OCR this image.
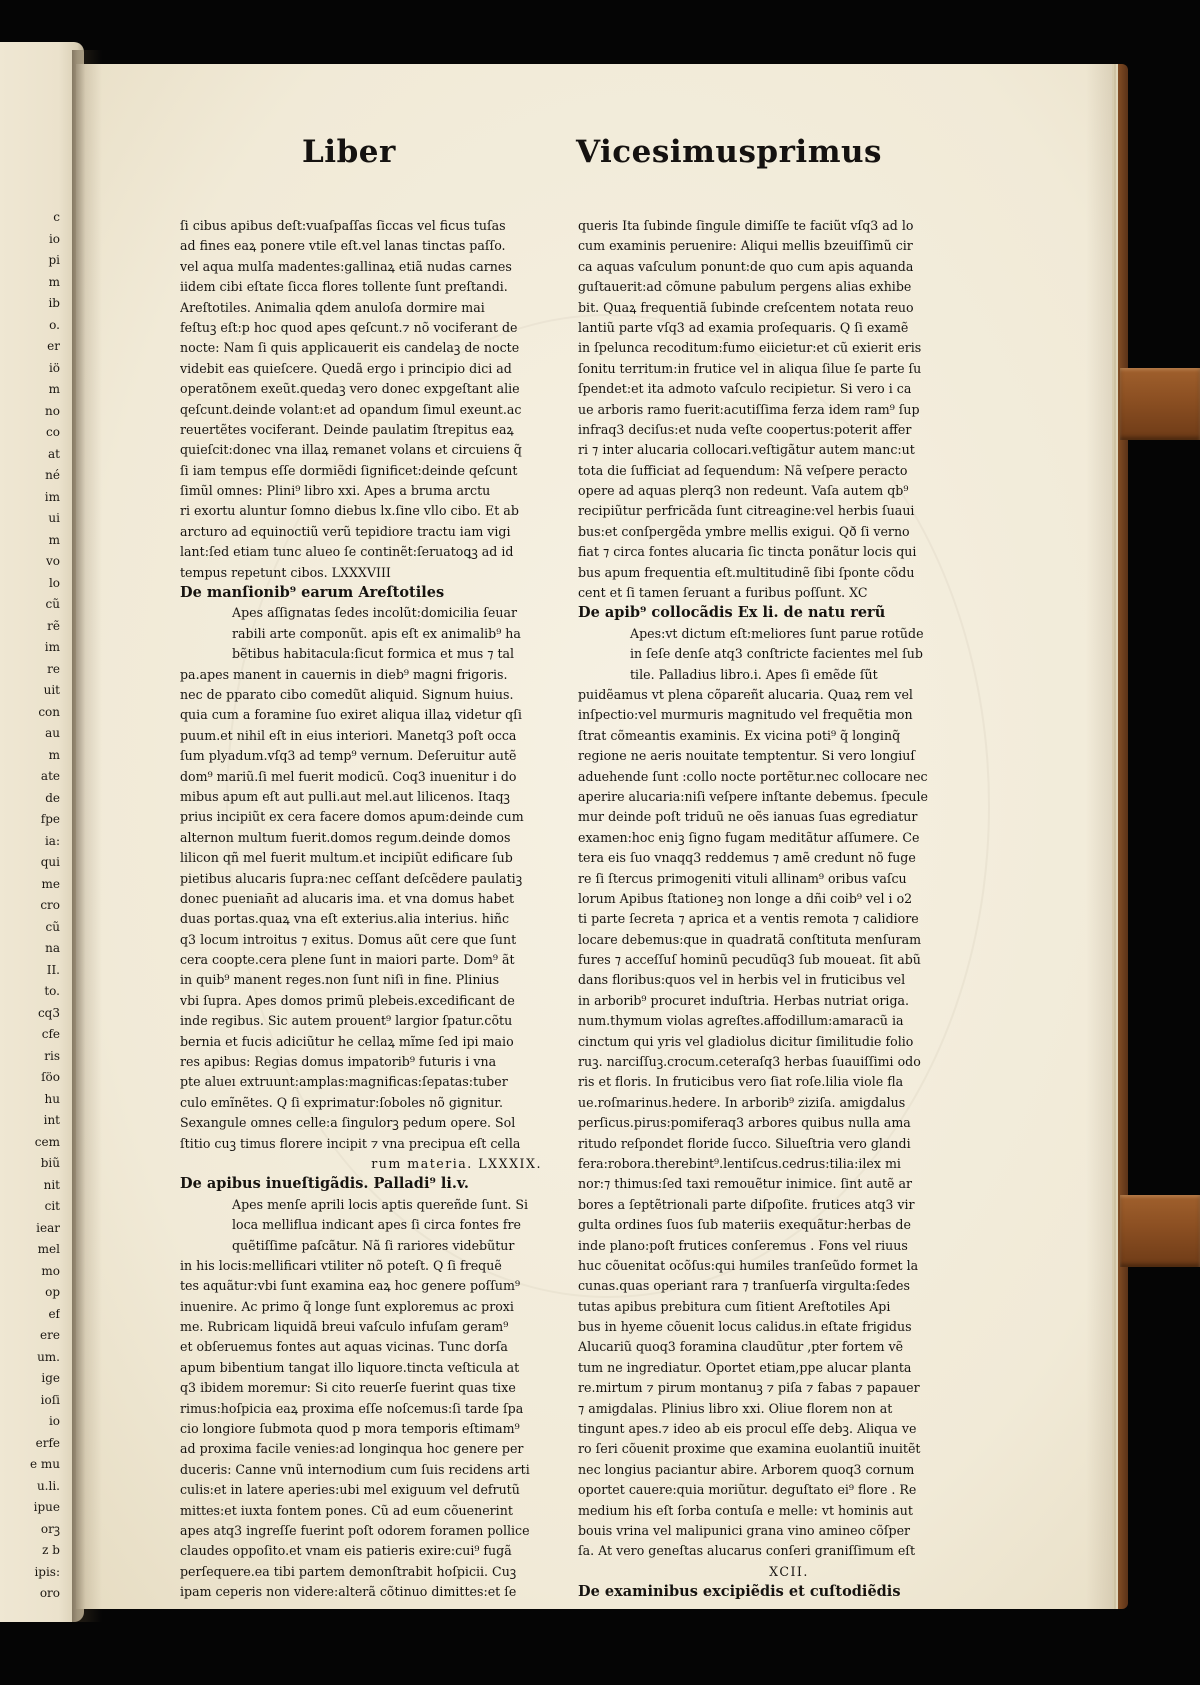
c
io
pi
m
ib
o.
er
iö
m
no
co
at
né
im
ui
m
vo
lo
cũ
rẽ
im
re
uit
con
au
m
ate
de
fpe
ia:
qui
me
cro
cũ
na
II.
to.
cq3
cfe
ris
ſöo
hu
int
cem
biũ
nit
cit
iear
mel
mo
op
ef
ere
um.
ige
ioſi
io
erfe
e mu
u.li.
ipue
orꝫ
z b
ipis:
oro
Liber	Vicesimusprimus
ſi cibus apibus deſt:vuaſpaſſas ſiccas vel ficus tuſas
ad fines eaꝝ ponere vtile eſt.vel lanas tinctas paſſo.
vel aqua mulſa madentes:gallinaꝝ etiã nudas carnes
iidem cibi eſtate ſicca flores tollente ſunt preſtandi.
Areſtotiles. Animalia qdem anuloſa dormire mai
feſtuꝫ eſt:p hoc quod apes qeſcunt.⁊ nõ vociferant de
nocte: Nam ſi quis applicauerit eis candelaꝫ de nocte
videbit eas quieſcere. Quedã ergo i principio dici ad
operatõnem exeũt.quedaꝫ vero donec expgeſtant alie
qeſcunt.deinde volant:et ad opandum ſimul exeunt.ac
reuertẽtes vociferant. Deinde paulatim ſtrepitus eaꝝ
quieſcit:donec vna illaꝝ remanet volans et circuiens q̃
ſi iam tempus eſſe dormiẽdi ſignificet:deinde qeſcunt
ſimũl omnes: Plini⁹ libro xxi. Apes a bruma arctu
ri exortu aluntur ſomno diebus lx.ſine vllo cibo. Et ab
arcturo ad equinoctiũ verũ tepidiore tractu iam vigi
lant:ſed etiam tunc alueo ſe continẽt:ſeruatoꝗꝫ ad id
tempus repetunt cibos. LXXXVIII
De manſionib⁹ earum Areſtotiles
Apes aſſignatas ſedes incolũt:domicilia ſeuar
rabili arte componũt. apis eſt ex animalib⁹ ha
bẽtibus habitacula:ſicut formica et mus ⁊ tal
pa.apes manent in cauernis in dieb⁹ magni frigoris.
nec de pparato cibo comedũt aliquid. Signum huius.
quia cum a foramine ſuo exiret aliqua illaꝝ videtur qſi
puum.et nihil eſt in eius interiori. Manetq3 poſt occa
ſum plyadum.vſq3 ad temp⁹ vernum. Deſeruitur autẽ
dom⁹ mariũ.ſi mel fuerit modicũ. Coq3 inuenitur i do
mibus apum eſt aut pulli.aut mel.aut lilicenos. Itaqꝫ
prius incipiũt ex cera facere domos apum:deinde cum
alternon multum fuerit.domos regum.deinde domos
lilicon qñ mel fuerit multum.et incipiũt edificare ſub
pietibus alucaris ſupra:nec ceſſant deſcẽdere paulatiꝫ
donec puenian̄t ad alucaris ima. et vna domus habet
duas portas.quaꝝ vna eſt exterius.alia interius. hiñc
q3 locum introitus ⁊ exitus. Domus aũt cere que ſunt
cera coopte.cera plene ſunt in maiori parte. Dom⁹ ãt
in quib⁹ manent reges.non ſunt niſi in fine. Plinius
vbi ſupra. Apes domos primũ plebeis.excedificant de
inde regibus. Sic autem prouent⁹ largior ſpatur.cõtu
bernia et fucis adiciũtur he cellaꝝ mĩme ſed ipi maio
res apibus: Regias domus impatorib⁹ futuris i vna
pte alueı extruunt:amplas:magnificas:ſepatas:tuber
culo emĩnẽtes. Q ſi exprimatur:ſoboles nõ gignitur.
Sexangule omnes celle:a ſingulorꝫ pedum opere. Sol
ſtitio cuꝫ timus florere incipit ⁊ vna precipua eſt cella
rum materia. LXXXIX.
De apibus inueſtigãdis. Palladi⁹ li.v.
Apes menſe aprili locis aptis quereñde ſunt. Si
loca melliflua indicant apes ſi circa fontes fre
quẽtiſſime paſcãtur. Nã ſi rariores videbũtur
in his locis:mellificari vtiliter nõ poteſt. Q ſi frequẽ
tes aquãtur:vbi ſunt examina eaꝝ hoc genere poſſum⁹
inuenire. Ac primo q̃ longe ſunt exploremus ac proxi
me. Rubricam liquidã breui vaſculo infuſam geram⁹
et obſeruemus fontes aut aquas vicinas. Tunc dorſa
apum bibentium tangat illo liquore.tincta veſticula at
q3 ibidem moremur: Si cito reuerſe fuerint quas tixe
rimus:hoſpicia eaꝝ proxima eſſe noſcemus:ſi tarde ſpa
cio longiore ſubmota quod p mora temporis eſtimam⁹
ad proxima facile venies:ad longinqua hoc genere per
duceris: Canne vnũ internodium cum ſuis recidens arti
culis:et in latere aperies:ubi mel exiguum vel defrutũ
mittes:et iuxta fontem pones. Cũ ad eum cõuenerint
apes atq3 ingreſſe fuerint poſt odorem foramen pollice
claudes oppoſito.et vnam eis patieris exire:cui⁹ fugã
perſequere.ea tibi partem demonſtrabit hoſpicii. Cuꝫ
ipam ceperis non videre:alterã cõtinuo dimittes:et ſe
queris Ita ſubinde ſingule dimiſſe te faciũt vſq3 ad lo
cum examinis peruenire: Aliqui mellis bzeuiſſimũ cir
ca aquas vaſculum ponunt:de quo cum apis aquanda
guſtauerit:ad cõmune pabulum pergens alias exhibe
bit. Quaꝝ frequentiã ſubinde creſcentem notata reuo
lantiũ parte vſq3 ad examia proſequaris. Q ſi examẽ
in ſpelunca recoditum:fumo eiicietur:et cũ exierit eris
ſonitu territum:in frutice vel in aliqua ſilue ſe parte ſu
ſpendet:et ita admoto vaſculo recipietur. Si vero i ca
ue arboris ramo fuerit:acutiſſima ferza idem ram⁹ ſup
infraq3 deciſus:et nuda veſte coopertus:poterit affer
ri ⁊ inter alucaria collocari.veſtigãtur autem manc:ut
tota die ſufficiat ad ſequendum: Nã veſpere peracto
opere ad aquas plerq3 non redeunt. Vaſa autem qb⁹
recipiũtur perfricãda ſunt citreagine:vel herbis ſuaui
bus:et conſpergẽda ymbre mellis exigui. Qð ſi verno
fiat ⁊ circa fontes alucaria ſic tincta ponãtur locis qui
bus apum frequentia eſt.multitudinẽ ſibi ſponte cõdu
cent et ſi tamen ſeruant a furibus poſſunt. XC
De apib⁹ collocãdis Ex li. de natu rerũ
Apes:vt dictum eſt:meliores ſunt parue rotũde
in ſeſe denſe atq3 conſtricte facientes mel ſub
tile. Palladius libro.i. Apes ſi emẽde ſũt
puidẽamus vt plena cõpareñt alucaria. Quaꝝ rem vel
inſpectio:vel murmuris magnitudo vel frequẽtia mon
ſtrat cõmeantis examinis. Ex vicina poti⁹ q̃ longinq̃
regione ne aeris nouitate temptentur. Si vero longiuſ
aduehende ſunt :collo nocte portẽtur.nec collocare nec
aperire alucaria:niſi veſpere inſtante debemus. ſpecule
mur deinde poſt triduũ ne oẽs ianuas ſuas egrediatur
examen:hoc eniꝫ ſigno fugam meditãtur aſſumere. Ce
tera eis ſuo vnaqq3 reddemus ⁊ amẽ credunt nõ fuge
re ſi ſtercus primogeniti vituli allinam⁹ oribus vaſcu
lorum Apibus ſtationeꝫ non longe a dñi coib⁹ vel i o2
ti parte ſecreta ⁊ aprica et a ventis remota ⁊ calidiore
locare debemus:que in quadratã conſtituta menſuram
fures ⁊ acceſſuſ hominũ pecudũq3 ſub moueat. ſit abũ
dans floribus:quos vel in herbis vel in fruticibus vel
in arborib⁹ procuret induſtria. Herbas nutriat origa.
num.thymum violas agreſtes.affodillum:amaracũ ia
cinctum qui yris vel gladiolus dicitur ſimilitudie folio
ruꝫ. narciſſuꝫ.crocum.ceteraſq3 herbas ſuauiſſimi odo
ris et floris. In fruticibus vero ſiat roſe.lilia viole fla
ue.roſmarinus.hedere. In arborib⁹ ziziſa. amigdalus
perſicus.pirus:pomiferaq3 arbores quibus nulla ama
ritudo reſpondet floride ſucco. Silueſtria vero glandi
fera:robora.therebint⁹.lentiſcus.cedrus:tilia:ilex mi
nor:⁊ thimus:ſed taxi remouẽtur inimice. ſint autẽ ar
bores a ſeptẽtrionali parte diſpoſite. frutices atq3 vir
gulta ordines ſuos ſub materiis exequãtur:herbas de
inde plano:poſt frutices conſeremus . Fons vel riuus
huc cõuenitat ocõſus:qui humiles tranſeũdo formet la
cunas.quas operiant rara ⁊ tranſuerſa virgulta:ſedes
tutas apibus prebitura cum ſitient Areſtotiles Api
bus in hyeme cõuenit locus calidus.in eſtate frigidus
Alucariũ quoq3 foramina claudũtur ,pter fortem vẽ
tum ne ingrediatur. Oportet etiam,ppe alucar planta
re.mirtum ⁊ pirum montanuꝫ ⁊ piſa ⁊ fabas ⁊ papauer
⁊ amigdalas. Plinius libro xxi. Oliue florem non at
tingunt apes.⁊ ideo ab eis procul eſſe debꝫ. Aliqua ve
ro ſeri cõuenit proxime que examina euolantiũ inuitẽt
nec longius paciantur abire. Arborem quoq3 cornum
oportet cauere:quia moriũtur. deguſtato ei⁹ flore . Re
medium his eſt ſorba contuſa e melle: vt hominis aut
bouis vrina vel malipunici grana vino amineo cõſper
ſa. At vero geneſtas alucarus conſeri graniſſimum eſt
XCII.
De examinibus excipiẽdis et cuſtodiẽdis
